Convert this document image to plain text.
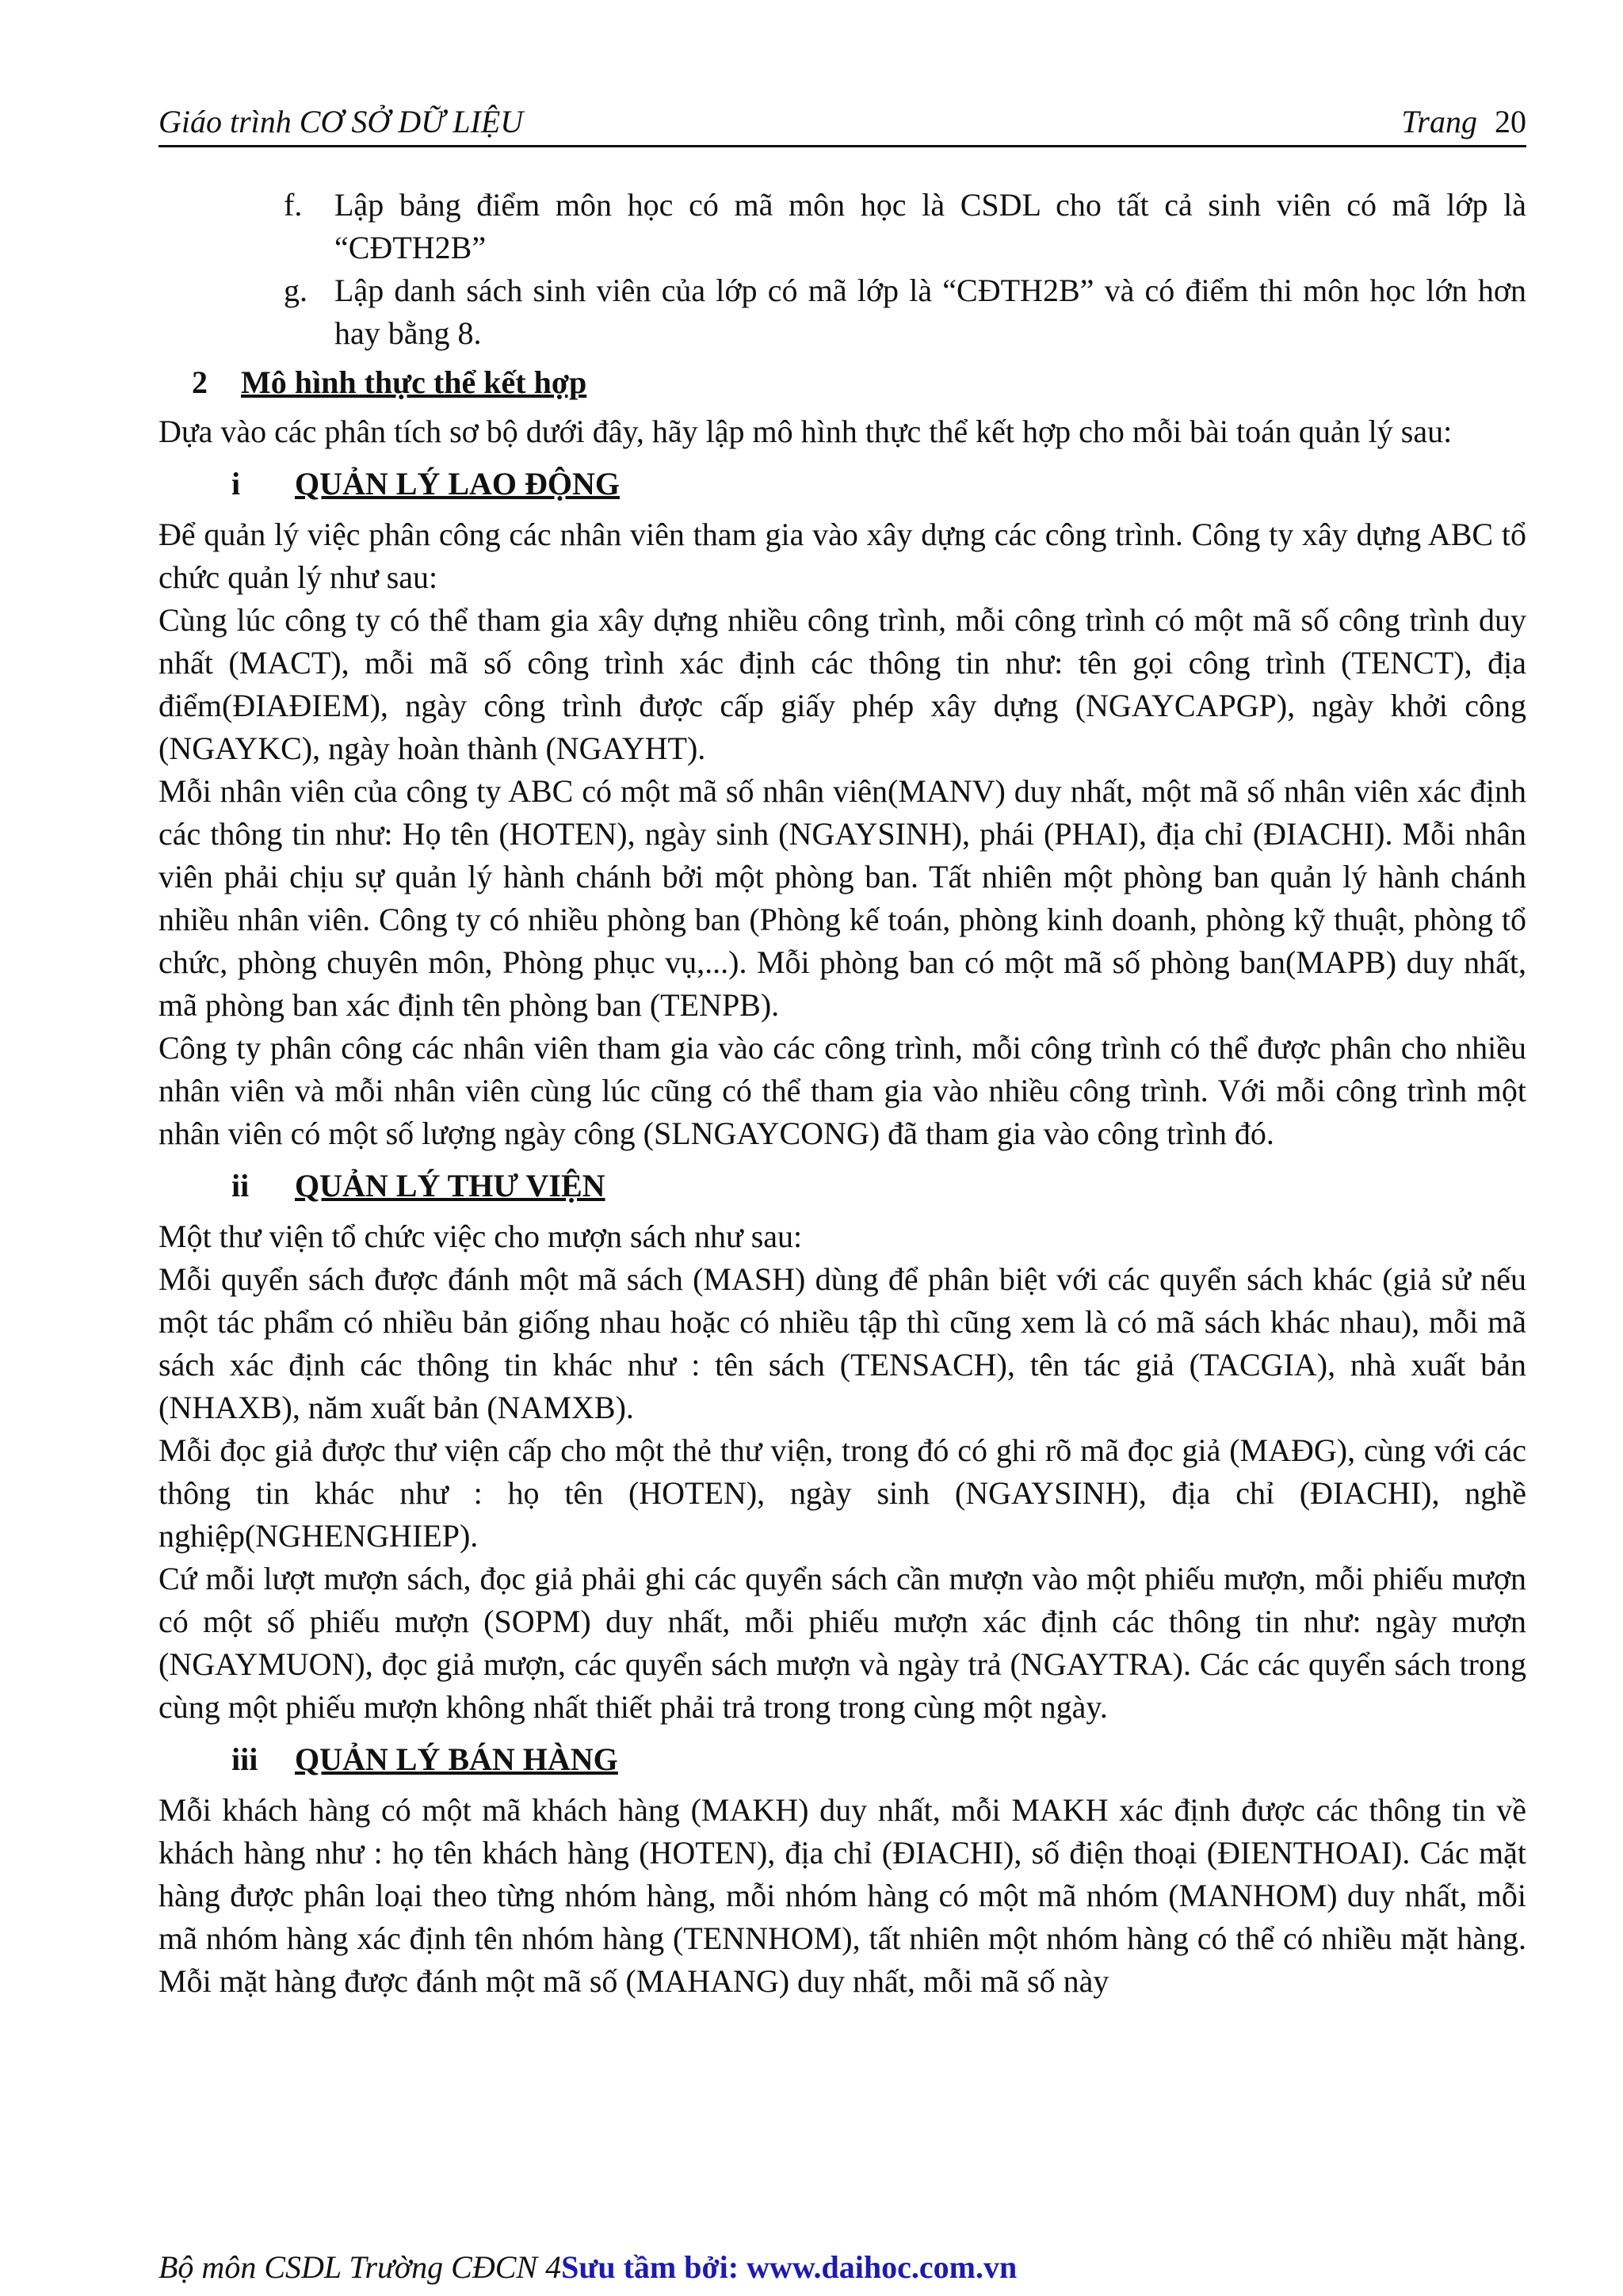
Giáo trình CƠ SỞ DỮ LIỆU	Trang 20

f. Lập bảng điểm môn học có mã môn học là CSDL cho tất cả sinh viên có mã lớp là “CĐTH2B”

g. Lập danh sách sinh viên của lớp có mã lớp là “CĐTH2B” và có điểm thi môn học lớn hơn hay bằng 8.

2 Mô hình thực thể kết hợp

Dựa vào các phân tích sơ bộ dưới đây, hãy lập mô hình thực thể kết hợp cho mỗi bài toán quản lý sau:

i QUẢN LÝ LAO ĐỘNG

Để quản lý việc phân công các nhân viên tham gia vào xây dựng các công trình. Công ty xây dựng ABC tổ chức quản lý như sau:

Cùng lúc công ty có thể tham gia xây dựng nhiều công trình, mỗi công trình có một mã số công trình duy nhất (MACT), mỗi mã số công trình xác định các thông tin như: tên gọi công trình (TENCT), địa điểm(ĐIAĐIEM), ngày công trình được cấp giấy phép xây dựng (NGAYCAPGP), ngày khởi công (NGAYKC), ngày hoàn thành (NGAYHT).

Mỗi nhân viên của công ty ABC có một mã số nhân viên(MANV) duy nhất, một mã số nhân viên xác định các thông tin như: Họ tên (HOTEN), ngày sinh (NGAYSINH), phái (PHAI), địa chỉ (ĐIACHI). Mỗi nhân viên phải chịu sự quản lý hành chánh bởi một phòng ban. Tất nhiên một phòng ban quản lý hành chánh nhiều nhân viên. Công ty có nhiều phòng ban (Phòng kế toán, phòng kinh doanh, phòng kỹ thuật, phòng tổ chức, phòng chuyên môn, Phòng phục vụ,...). Mỗi phòng ban có một mã số phòng ban(MAPB) duy nhất, mã phòng ban xác định tên phòng ban (TENPB).

Công ty phân công các nhân viên tham gia vào các công trình, mỗi công trình có thể được phân cho nhiều nhân viên và mỗi nhân viên cùng lúc cũng có thể tham gia vào nhiều công trình. Với mỗi công trình một nhân viên có một số lượng ngày công (SLNGAYCONG) đã tham gia vào công trình đó.

ii QUẢN LÝ THƯ VIỆN

Một thư viện tổ chức việc cho mượn sách như sau:

Mỗi quyển sách được đánh một mã sách (MASH) dùng để phân biệt với các quyển sách khác (giả sử nếu một tác phẩm có nhiều bản giống nhau hoặc có nhiều tập thì cũng xem là có mã sách khác nhau), mỗi mã sách xác định các thông tin khác như : tên sách (TENSACH), tên tác giả (TACGIA), nhà xuất bản (NHAXB), năm xuất bản (NAMXB).

Mỗi đọc giả được thư viện cấp cho một thẻ thư viện, trong đó có ghi rõ mã đọc giả (MAĐG), cùng với các thông tin khác như : họ tên (HOTEN), ngày sinh (NGAYSINH), địa chỉ (ĐIACHI), nghề nghiệp(NGHENGHIEP).

Cứ mỗi lượt mượn sách, đọc giả phải ghi các quyển sách cần mượn vào một phiếu mượn, mỗi phiếu mượn có một số phiếu mượn (SOPM) duy nhất, mỗi phiếu mượn xác định các thông tin như: ngày mượn (NGAYMUON), đọc giả mượn, các quyển sách mượn và ngày trả (NGAYTRA). Các các quyển sách trong cùng một phiếu mượn không nhất thiết phải trả trong trong cùng một ngày.

iii QUẢN LÝ BÁN HÀNG

Mỗi khách hàng có một mã khách hàng (MAKH) duy nhất, mỗi MAKH xác định được các thông tin về khách hàng như : họ tên khách hàng (HOTEN), địa chỉ (ĐIACHI), số điện thoại (ĐIENTHOAI). Các mặt hàng được phân loại theo từng nhóm hàng, mỗi nhóm hàng có một mã nhóm (MANHOM) duy nhất, mỗi mã nhóm hàng xác định tên nhóm hàng (TENNHOM), tất nhiên một nhóm hàng có thể có nhiều mặt hàng. Mỗi mặt hàng được đánh một mã số (MAHANG) duy nhất, mỗi mã số này

Bộ môn CSDL Trường CĐCN 4Sưu tầm bởi: www.daihoc.com.vn
